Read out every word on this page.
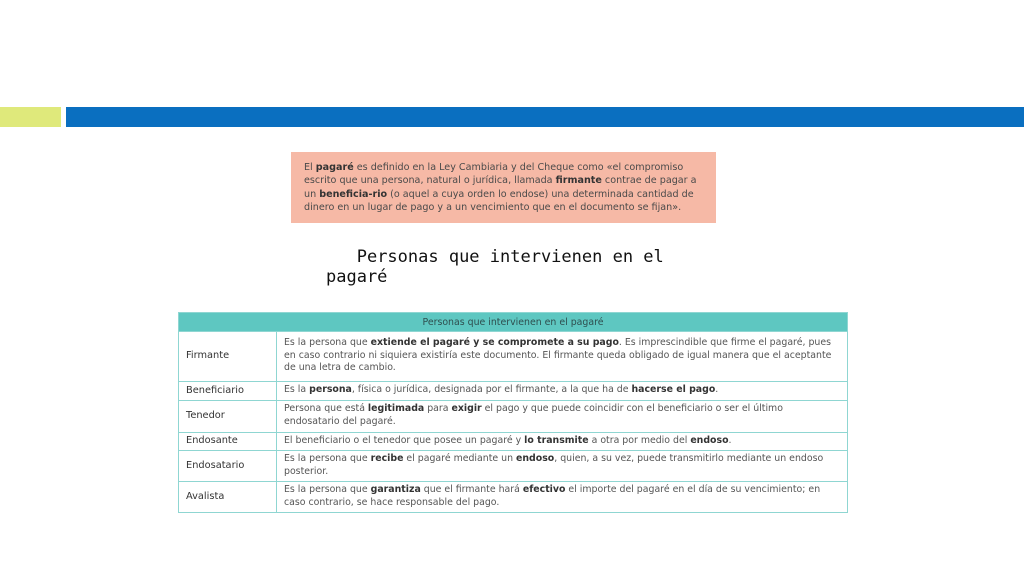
El pagaré es definido en la Ley Cambiaria y del Cheque como «el compromiso escrito que una persona, natural o jurídica, llamada firmante contrae de pagar a un beneficia-rio (o aquel a cuya orden lo endose) una determinada cantidad de dinero en un lugar de pago y a un vencimiento que en el documento se fijan».
Personas que intervienen en el pagaré
Personas que intervienen en el pagaré	
Firmante	Es la persona que extiende el pagaré y se compromete a su pago. Es imprescindible que firme el pagaré, pues en caso contrario ni siquiera existiría este documento. El firmante queda obligado de igual manera que el aceptante de una letra de cambio.
Beneficiario	Es la persona, física o jurídica, designada por el firmante, a la que ha de hacerse el pago.
Tenedor	Persona que está legitimada para exigir el pago y que puede coincidir con el beneficiario o ser el último endosatario del pagaré.
Endosante	El beneficiario o el tenedor que posee un pagaré y lo transmite a otra por medio del endoso.
Endosatario	Es la persona que recibe el pagaré mediante un endoso, quien, a su vez, puede transmitirlo mediante un endoso posterior.
Avalista	Es la persona que garantiza que el firmante hará efectivo el importe del pagaré en el día de su vencimiento; en caso contrario, se hace responsable del pago.
